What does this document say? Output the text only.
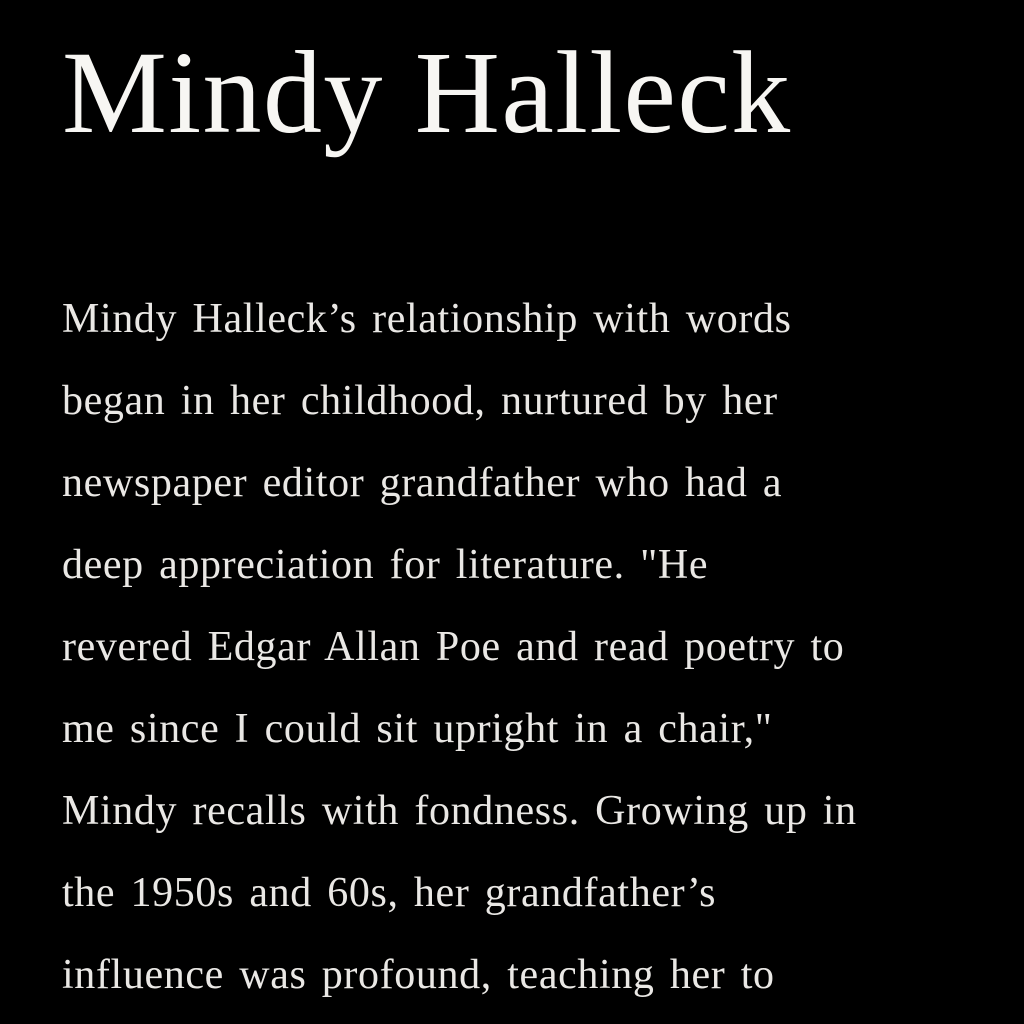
Mindy Halleck
Mindy Halleck’s relationship with words
began in her childhood, nurtured by her
newspaper editor grandfather who had a
deep appreciation for literature. "He
revered Edgar Allan Poe and read poetry to
me since I could sit upright in a chair,"
Mindy recalls with fondness. Growing up in
the 1950s and 60s, her grandfather’s
influence was profound, teaching her to
